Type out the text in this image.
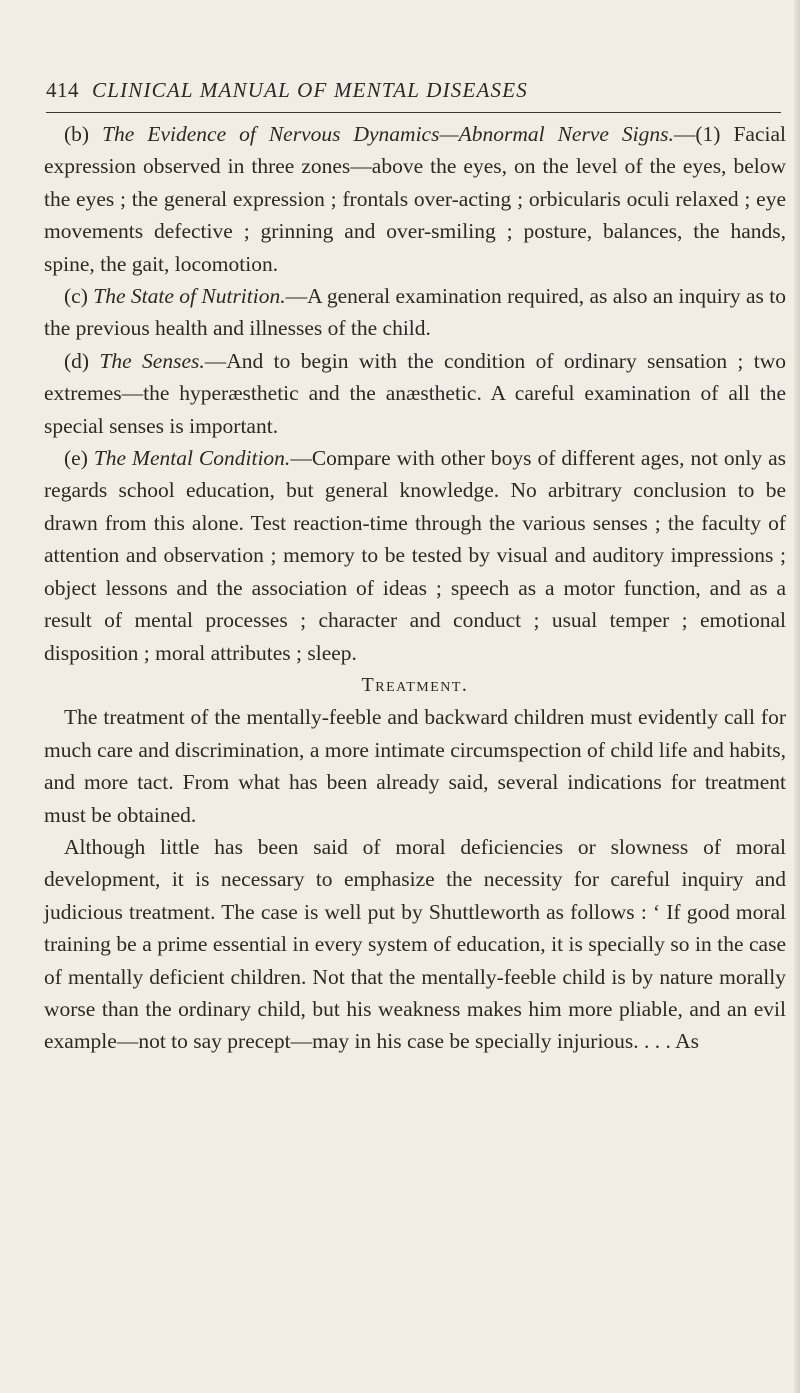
414 CLINICAL MANUAL OF MENTAL DISEASES

(b) The Evidence of Nervous Dynamics—Abnormal Nerve Signs.—(1) Facial expression observed in three zones—above the eyes, on the level of the eyes, below the eyes ; the general expression ; frontals over-acting ; orbicularis oculi relaxed ; eye movements defective ; grinning and over-smiling ; posture, balances, the hands, spine, the gait, locomotion.

(c) The State of Nutrition.—A general examination required, as also an inquiry as to the previous health and illnesses of the child.

(d) The Senses.—And to begin with the condition of ordinary sensation ; two extremes—the hyperæsthetic and the anæsthetic. A careful examination of all the special senses is important.

(e) The Mental Condition.—Compare with other boys of different ages, not only as regards school education, but general knowledge. No arbitrary conclusion to be drawn from this alone. Test reaction-time through the various senses ; the faculty of attention and observation ; memory to be tested by visual and auditory impressions ; object lessons and the association of ideas ; speech as a motor function, and as a result of mental processes ; character and conduct ; usual temper ; emotional disposition ; moral attributes ; sleep.

Treatment.

The treatment of the mentally-feeble and backward children must evidently call for much care and discrimination, a more intimate circumspection of child life and habits, and more tact. From what has been already said, several indications for treatment must be obtained.

Although little has been said of moral deficiencies or slowness of moral development, it is necessary to emphasize the necessity for careful inquiry and judicious treatment. The case is well put by Shuttleworth as follows : ‘ If good moral training be a prime essential in every system of education, it is specially so in the case of mentally deficient children. Not that the mentally-feeble child is by nature morally worse than the ordinary child, but his weakness makes him more pliable, and an evil example—not to say precept—may in his case be specially injurious. . . . As
